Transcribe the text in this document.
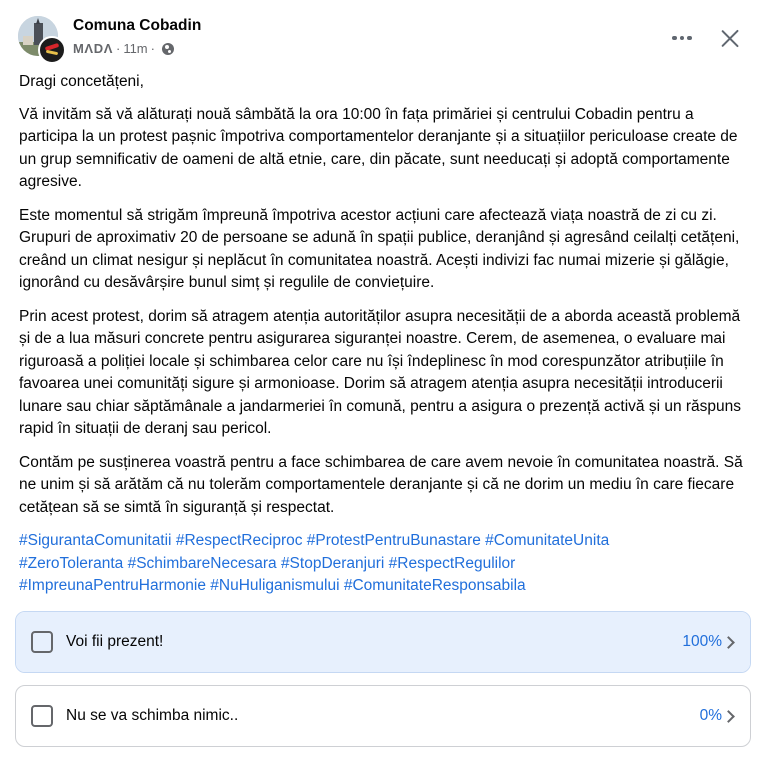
Comuna Cobadin
MΛDΛ · 11m ·

Dragi concetățeni,

Vă invităm să vă alăturați nouă sâmbătă la ora 10:00 în fața primăriei și centrului Cobadin pentru a participa la un protest pașnic împotriva comportamentelor deranjante și a situațiilor periculoase create de un grup semnificativ de oameni de altă etnie, care, din păcate, sunt needucați și adoptă comportamente agresive.

Este momentul să strigăm împreună împotriva acestor acțiuni care afectează viața noastră de zi cu zi. Grupuri de aproximativ 20 de persoane se adună în spații publice, deranjând și agresând ceilalți cetățeni, creând un climat nesigur și neplăcut în comunitatea noastră. Acești indivizi fac numai mizerie și gălăgie, ignorând cu desăvârșire bunul simț și regulile de conviețuire.

Prin acest protest, dorim să atragem atenția autorităților asupra necesității de a aborda această problemă și de a lua măsuri concrete pentru asigurarea siguranței noastre. Cerem, de asemenea, o evaluare mai riguroasă a poliției locale și schimbarea celor care nu își îndeplinesc în mod corespunzător atribuțiile în favoarea unei comunități sigure și armonioase. Dorim să atragem atenția asupra necesității introducerii lunare sau chiar săptămânale a jandarmeriei în comună, pentru a asigura o prezență activă și un răspuns rapid în situații de deranj sau pericol.

Contăm pe susținerea voastră pentru a face schimbarea de care avem nevoie în comunitatea noastră. Să ne unim și să arătăm că nu tolerăm comportamentele deranjante și că ne dorim un mediu în care fiecare cetățean să se simtă în siguranță și respectat.

#SigurantaComunitatii #RespectReciproc #ProtestPentruBunastare #ComunitateUnita
#ZeroToleranta #SchimbareNecesara #StopDeranjuri #RespectRegulilor
#ImpreunaPentruHarmonie #NuHuliganismului #ComunitateResponsabila
Voi fii prezent!	100%
Nu se va schimba nimic..	0%
